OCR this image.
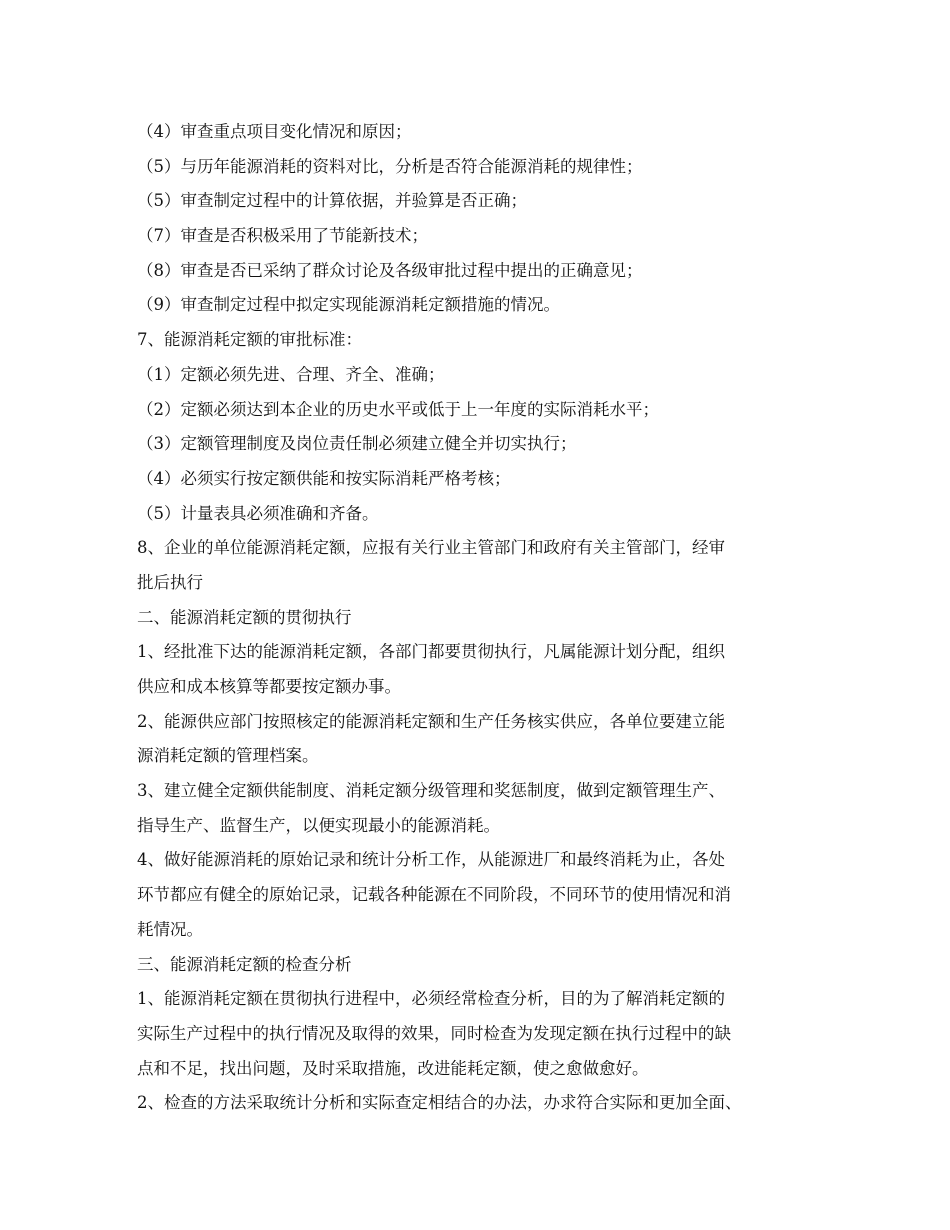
（4）审查重点项目变化情况和原因；
（5）与历年能源消耗的资料对比，分析是否符合能源消耗的规律性；
（5）审查制定过程中的计算依据，并验算是否正确；
（7）审查是否积极采用了节能新技术；
（8）审查是否已采纳了群众讨论及各级审批过程中提出的正确意见；
（9）审查制定过程中拟定实现能源消耗定额措施的情况。
7、能源消耗定额的审批标准：
（1）定额必须先进、合理、齐全、准确；
（2）定额必须达到本企业的历史水平或低于上一年度的实际消耗水平；
（3）定额管理制度及岗位责任制必须建立健全并切实执行；
（4）必须实行按定额供能和按实际消耗严格考核；
（5）计量表具必须准确和齐备。
8、企业的单位能源消耗定额，应报有关行业主管部门和政府有关主管部门，经审
批后执行
二、能源消耗定额的贯彻执行
1、经批准下达的能源消耗定额，各部门都要贯彻执行，凡属能源计划分配，组织
供应和成本核算等都要按定额办事。
2、能源供应部门按照核定的能源消耗定额和生产任务核实供应，各单位要建立能
源消耗定额的管理档案。
3、建立健全定额供能制度、消耗定额分级管理和奖惩制度，做到定额管理生产、
指导生产、监督生产，以便实现最小的能源消耗。
4、做好能源消耗的原始记录和统计分析工作，从能源进厂和最终消耗为止，各处
环节都应有健全的原始记录，记载各种能源在不同阶段，不同环节的使用情况和消
耗情况。
三、能源消耗定额的检查分析
1、能源消耗定额在贯彻执行进程中，必须经常检查分析，目的为了解消耗定额的
实际生产过程中的执行情况及取得的效果，同时检查为发现定额在执行过程中的缺
点和不足，找出问题，及时采取措施，改进能耗定额，使之愈做愈好。
2、检查的方法采取统计分析和实际查定相结合的办法，办求符合实际和更加全面、
